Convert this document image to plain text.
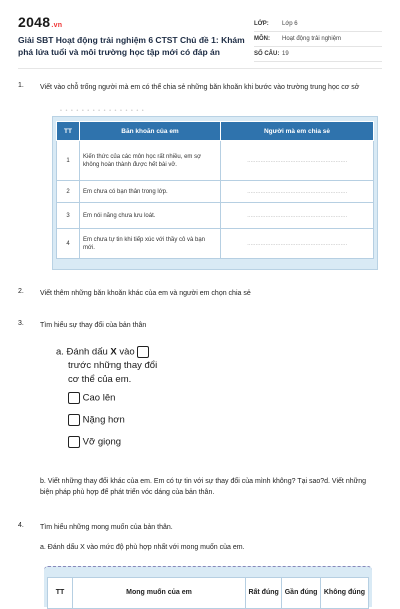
2048.vn
Giải SBT Hoạt động trải nghiệm 6 CTST Chủ đề 1: Khám phá lứa tuổi và môi trường học tập mới có đáp án
LỚP:	Lớp 6
MÔN:	Hoạt động trải nghiệm
SỐ CÂU: 19
1.	Viết vào chỗ trống người mà em có thể chia sẻ những băn khoăn khi bước vào trường trung học cơ sở
• • • • • • • • • • • • • • • •
TT	Băn khoăn của em	Người mà em chia sẻ
1	Kiến thức của các môn học rất nhiều, em sợ không hoàn thành được hết bài vở.	……………………………………………………
2	Em chưa có bạn thân trong lớp.	……………………………………………………
3	Em nói năng chưa lưu loát.	……………………………………………………
4	Em chưa tự tin khi tiếp xúc với thầy cô và bạn mới.	……………………………………………………
2.	Viết thêm những băn khoăn khác của em và người em chọn chia sẻ
3.	Tìm hiểu sự thay đổi của bản thân
a. Đánh dấu X vào
trước những thay đổi
cơ thể của em.
Cao lên
Nặng hơn
Vỡ giọng
b. Viết những thay đổi khác của em. Em có tự tin với sự thay đổi của mình không? Tại sao?d. Viết những biện pháp phù hợp để phát triển vóc dáng của bản thân.
4.	Tìm hiểu những mong muốn của bản thân.
a. Đánh dấu X vào mức độ phù hợp nhất với mong muốn của em.
TT	Mong muốn của em	Rất đúng	Gần đúng	Không đúng
